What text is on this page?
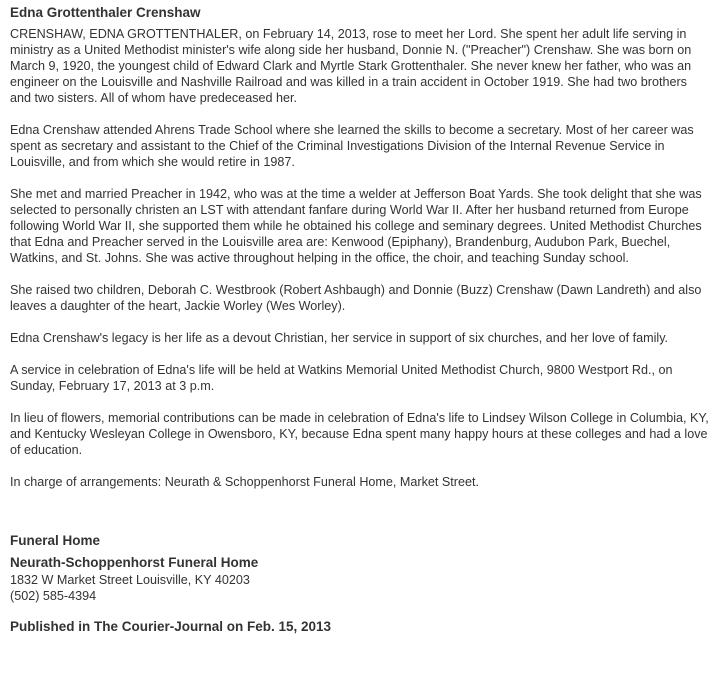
Edna Grottenthaler Crenshaw
CRENSHAW, EDNA GROTTENTHALER, on February 14, 2013, rose to meet her Lord. She spent her adult life serving in ministry as a United Methodist minister's wife along side her husband, Donnie N. ("Preacher") Crenshaw. She was born on March 9, 1920, the youngest child of Edward Clark and Myrtle Stark Grottenthaler. She never knew her father, who was an engineer on the Louisville and Nashville Railroad and was killed in a train accident in October 1919. She had two brothers and two sisters. All of whom have predeceased her.
Edna Crenshaw attended Ahrens Trade School where she learned the skills to become a secretary. Most of her career was spent as secretary and assistant to the Chief of the Criminal Investigations Division of the Internal Revenue Service in Louisville, and from which she would retire in 1987.
She met and married Preacher in 1942, who was at the time a welder at Jefferson Boat Yards. She took delight that she was selected to personally christen an LST with attendant fanfare during World War II. After her husband returned from Europe following World War II, she supported them while he obtained his college and seminary degrees. United Methodist Churches that Edna and Preacher served in the Louisville area are: Kenwood (Epiphany), Brandenburg, Audubon Park, Buechel, Watkins, and St. Johns. She was active throughout helping in the office, the choir, and teaching Sunday school.
She raised two children, Deborah C. Westbrook (Robert Ashbaugh) and Donnie (Buzz) Crenshaw (Dawn Landreth) and also leaves a daughter of the heart, Jackie Worley (Wes Worley).
Edna Crenshaw's legacy is her life as a devout Christian, her service in support of six churches, and her love of family.
A service in celebration of Edna's life will be held at Watkins Memorial United Methodist Church, 9800 Westport Rd., on Sunday, February 17, 2013 at 3 p.m.
In lieu of flowers, memorial contributions can be made in celebration of Edna's life to Lindsey Wilson College in Columbia, KY, and Kentucky Wesleyan College in Owensboro, KY, because Edna spent many happy hours at these colleges and had a love of education.
In charge of arrangements: Neurath & Schoppenhorst Funeral Home, Market Street.
Funeral Home
Neurath-Schoppenhorst Funeral Home
1832 W Market Street Louisville, KY 40203
(502) 585-4394
Published in The Courier-Journal on Feb. 15, 2013
